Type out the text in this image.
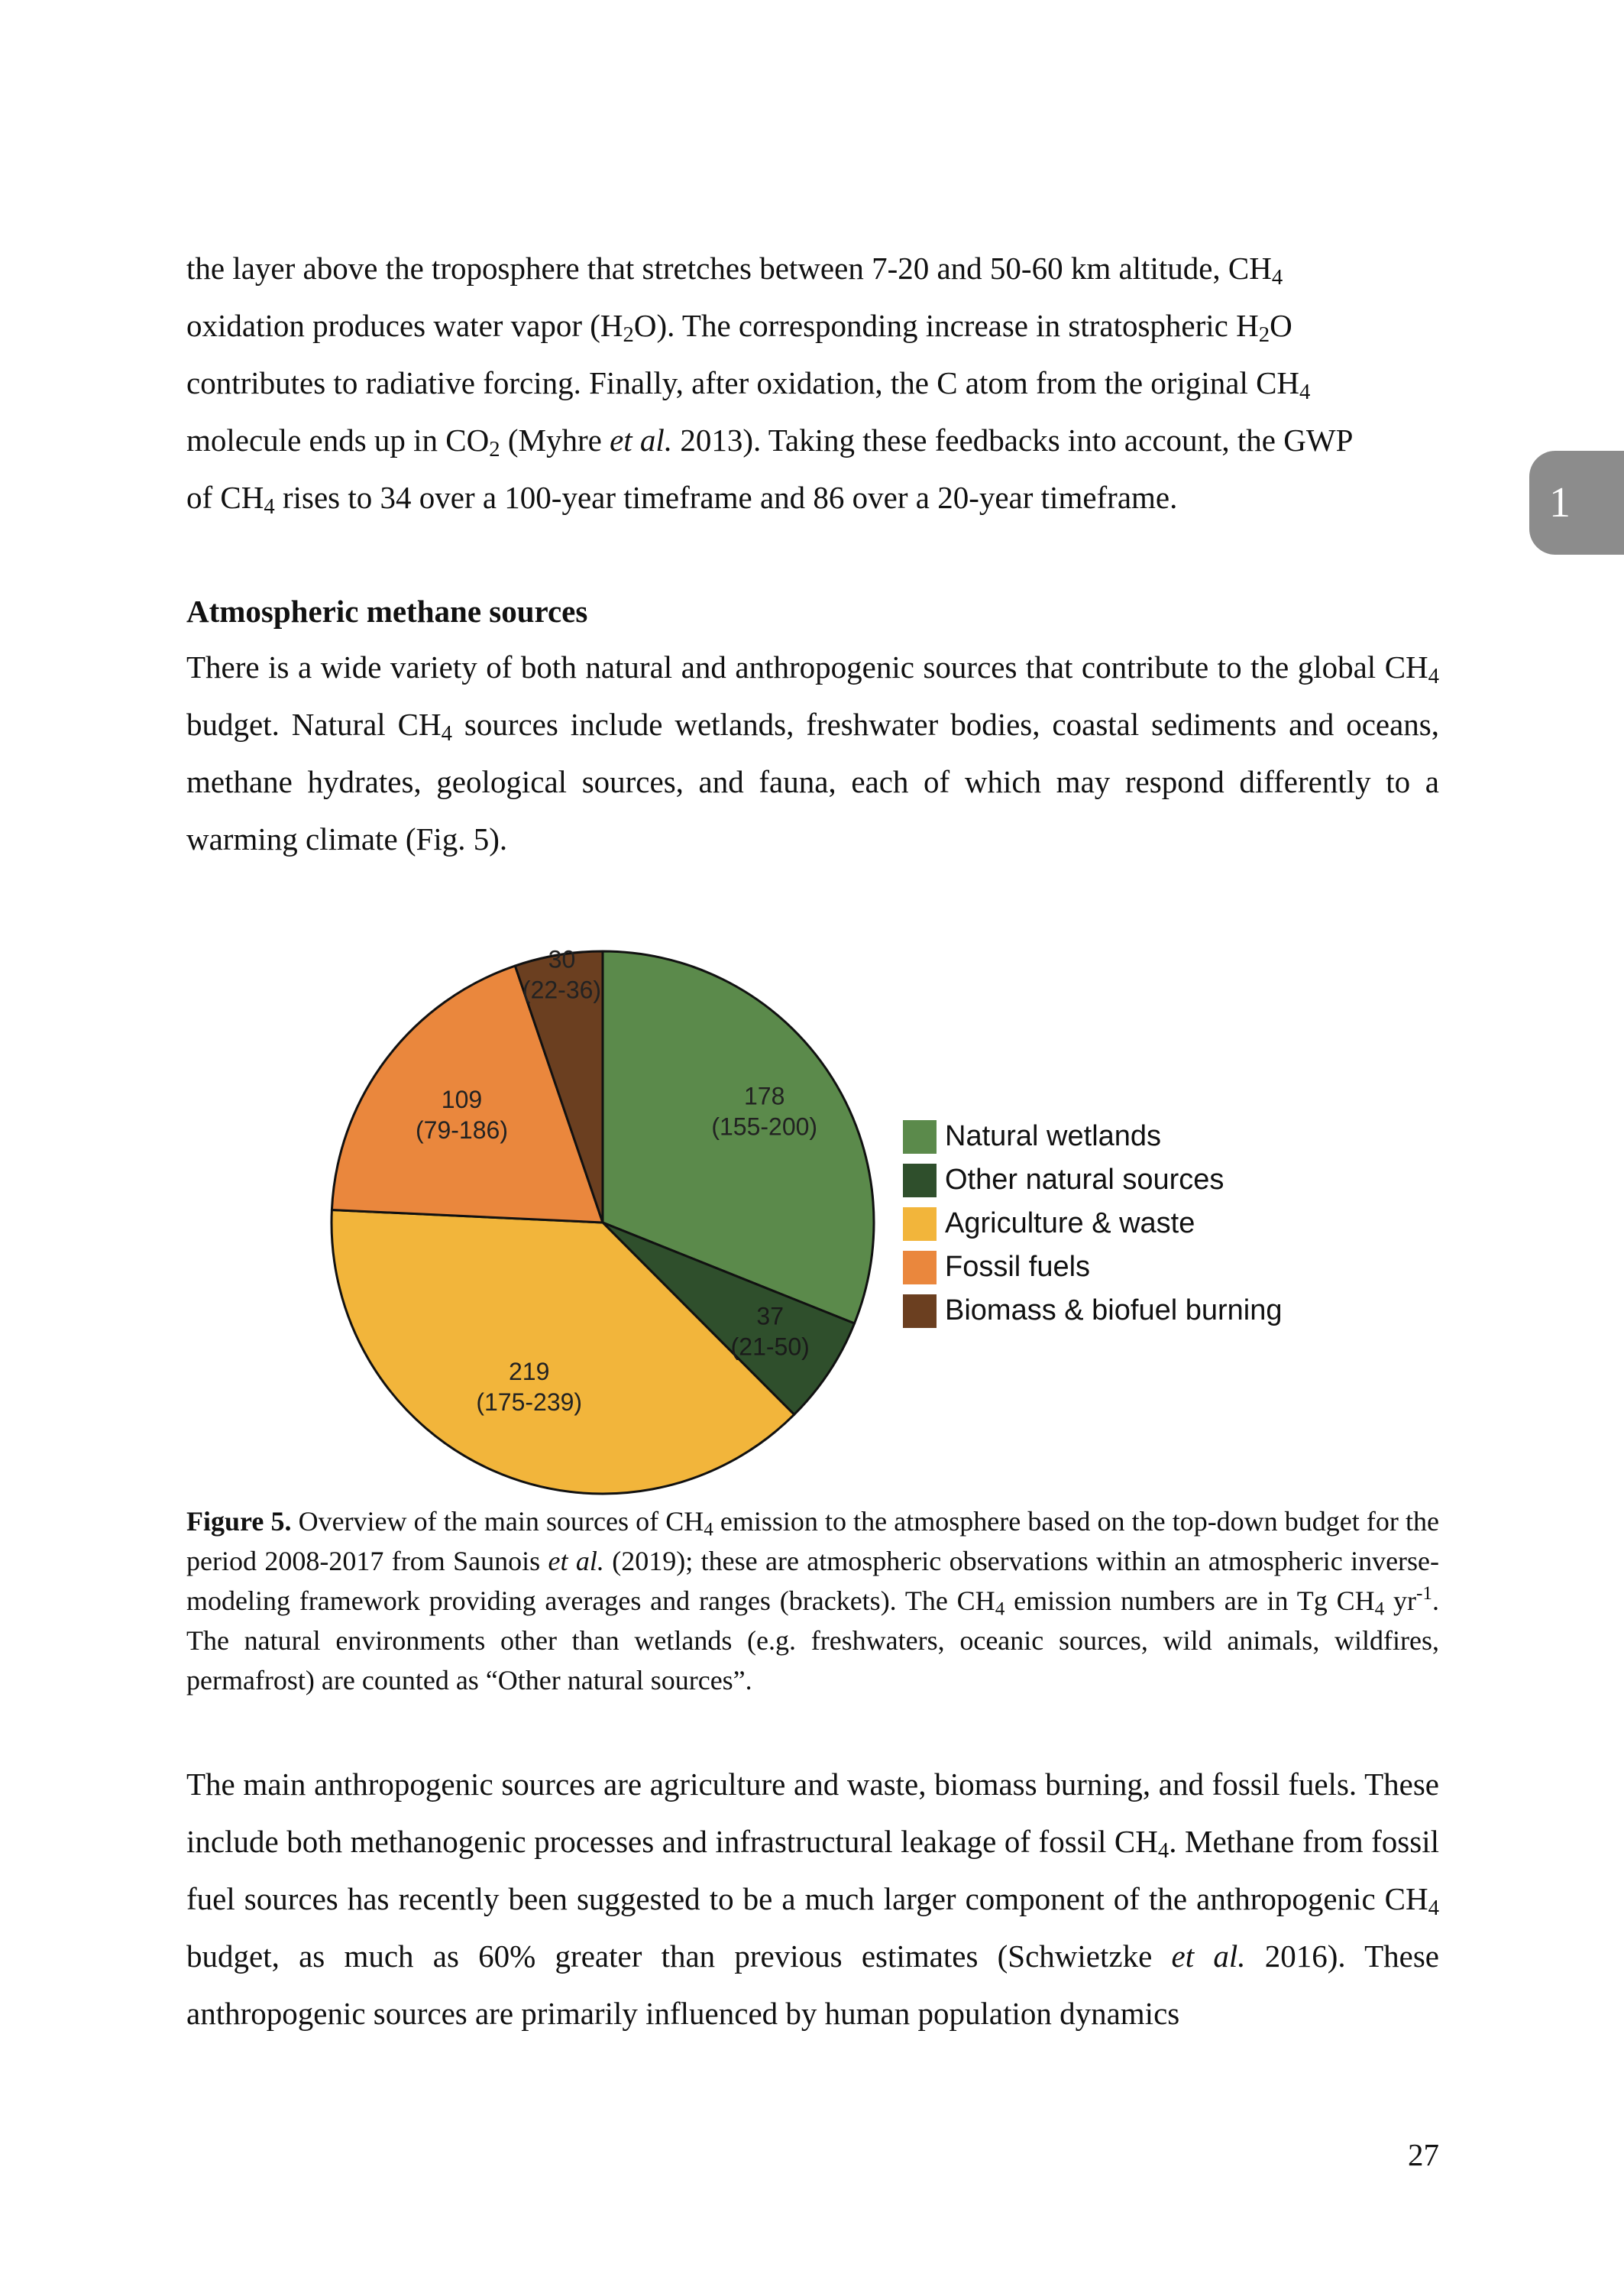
the layer above the troposphere that stretches between 7-20 and 50-60 km altitude, $CH_4$

oxidation produces water vapor $(H_2O)$. The corresponding increase in stratospheric $H_2O$

contributes to radiative forcing. Finally, after oxidation, the C atom from the original $CH_4$

molecule ends up in $CO_2$ (Myhre et al. 2013). Taking these feedbacks into account, the GWP

of $CH_4$ rises to 34 over a 100-year timeframe and 86 over a 20-year timeframe.	1
Atmospheric methane sources

There is a wide variety of both natural and anthropogenic sources that contribute to the global $CH_4$ budget. Natural $CH_4$ sources include wetlands, freshwater bodies, coastal sediments and oceans, methane hydrates, geological sources, and fauna, each of which may respond differently to a warming climate (Fig. 5).

178
(155-200)
37
(21-50)
219
(175-239)
109
(79-186)
30
(22-36)
Natural wetlands
Other natural sources
Agriculture & waste
Fossil fuels
Biomass & biofuel burning

Figure 5. Overview of the main sources of $CH_4$ emission to the atmosphere based on the top-down budget for the period 2008-2017 from Saunois et al. (2019); these are atmospheric observations within an atmospheric inverse-modeling framework providing averages and ranges (brackets). The $CH_4$ emission numbers are in Tg $CH_4$ $yr^{-1}$. The natural environments other than wetlands (e.g. freshwaters, oceanic sources, wild animals, wildfires, permafrost) are counted as “Other natural sources”.

The main anthropogenic sources are agriculture and waste, biomass burning, and fossil fuels. These include both methanogenic processes and infrastructural leakage of fossil $CH_4$. Methane from fossil fuel sources has recently been suggested to be a much larger component of the anthropogenic $CH_4$ budget, as much as 60% greater than previous estimates (Schwietzke et al. 2016). These anthropogenic sources are primarily influenced by human population dynamics

27
